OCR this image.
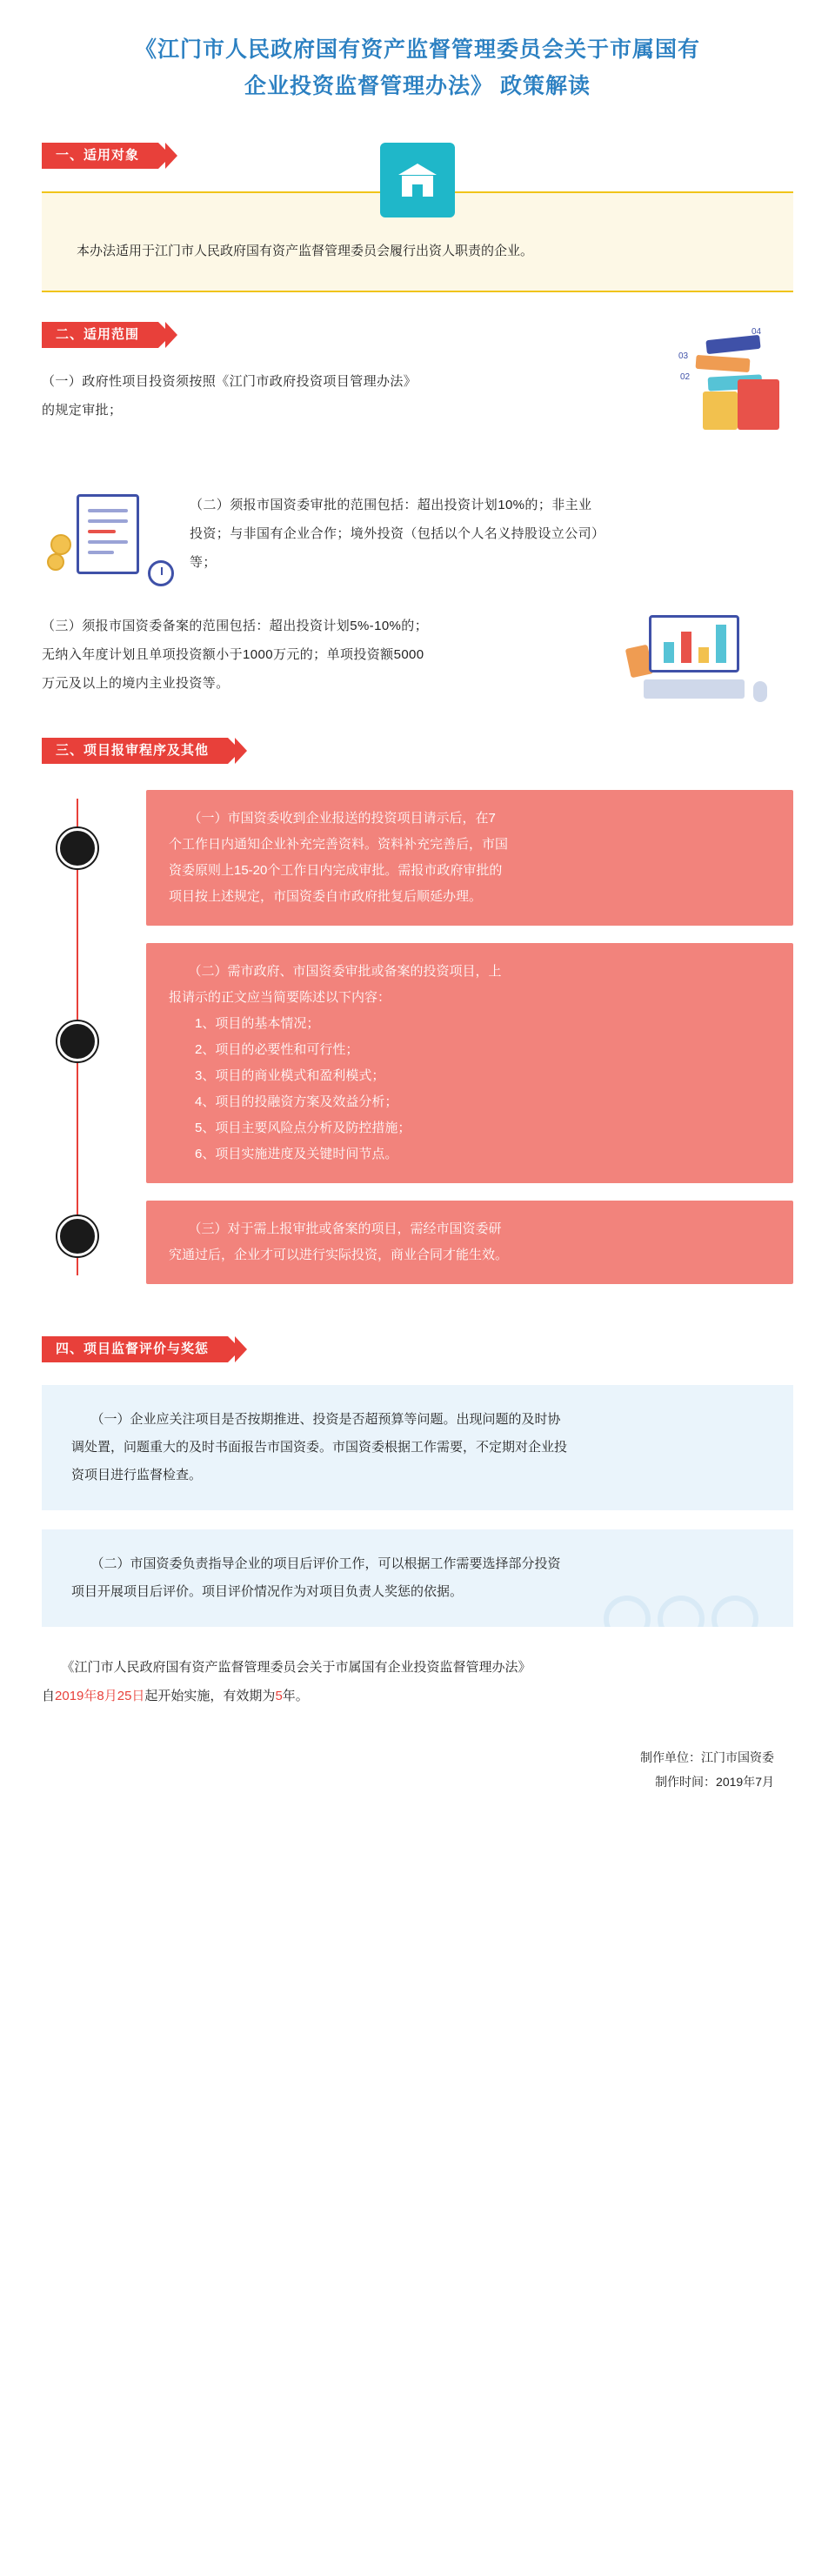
《江门市人民政府国有资产监督管理委员会关于市属国有
企业投资监督管理办法》 政策解读
一、适用对象
本办法适用于江门市人民政府国有资产监督管理委员会履行出资人职责的企业。
二、适用范围	04
03
02
（一）政府性项目投资须按照《江门市政府投资项目管理办法》
的规定审批；
（二）须报市国资委审批的范围包括：超出投资计划10%的；非主业
投资；与非国有企业合作；境外投资（包括以个人名义持股设立公司）
等；
（三）须报市国资委备案的范围包括：超出投资计划5%-10%的；
无纳入年度计划且单项投资额小于1000万元的；单项投资额5000
万元及以上的境内主业投资等。
三、项目报审程序及其他
　　（一）市国资委收到企业报送的投资项目请示后，在7
个工作日内通知企业补充完善资料。资料补充完善后，市国
资委原则上15-20个工作日内完成审批。需报市政府审批的
项目按上述规定，市国资委自市政府批复后顺延办理。
　　（二）需市政府、市国资委审批或备案的投资项目，上
报请示的正文应当简要陈述以下内容：
　　1、项目的基本情况；
　　2、项目的必要性和可行性；
　　3、项目的商业模式和盈利模式；
　　4、项目的投融资方案及效益分析；
　　5、项目主要风险点分析及防控措施；
　　6、项目实施进度及关键时间节点。
　　（三）对于需上报审批或备案的项目，需经市国资委研
究通过后，企业才可以进行实际投资，商业合同才能生效。
四、项目监督评价与奖惩
　　（一）企业应关注项目是否按期推进、投资是否超预算等问题。出现问题的及时协
调处置，问题重大的及时书面报告市国资委。市国资委根据工作需要，不定期对企业投
资项目进行监督检查。
　　（二）市国资委负责指导企业的项目后评价工作，可以根据工作需要选择部分投资
项目开展项目后评价。项目评价情况作为对项目负责人奖惩的依据。
　　《江门市人民政府国有资产监督管理委员会关于市属国有企业投资监督管理办法》
自2019年8月25日起开始实施，有效期为5年。
制作单位：江门市国资委
制作时间：2019年7月
